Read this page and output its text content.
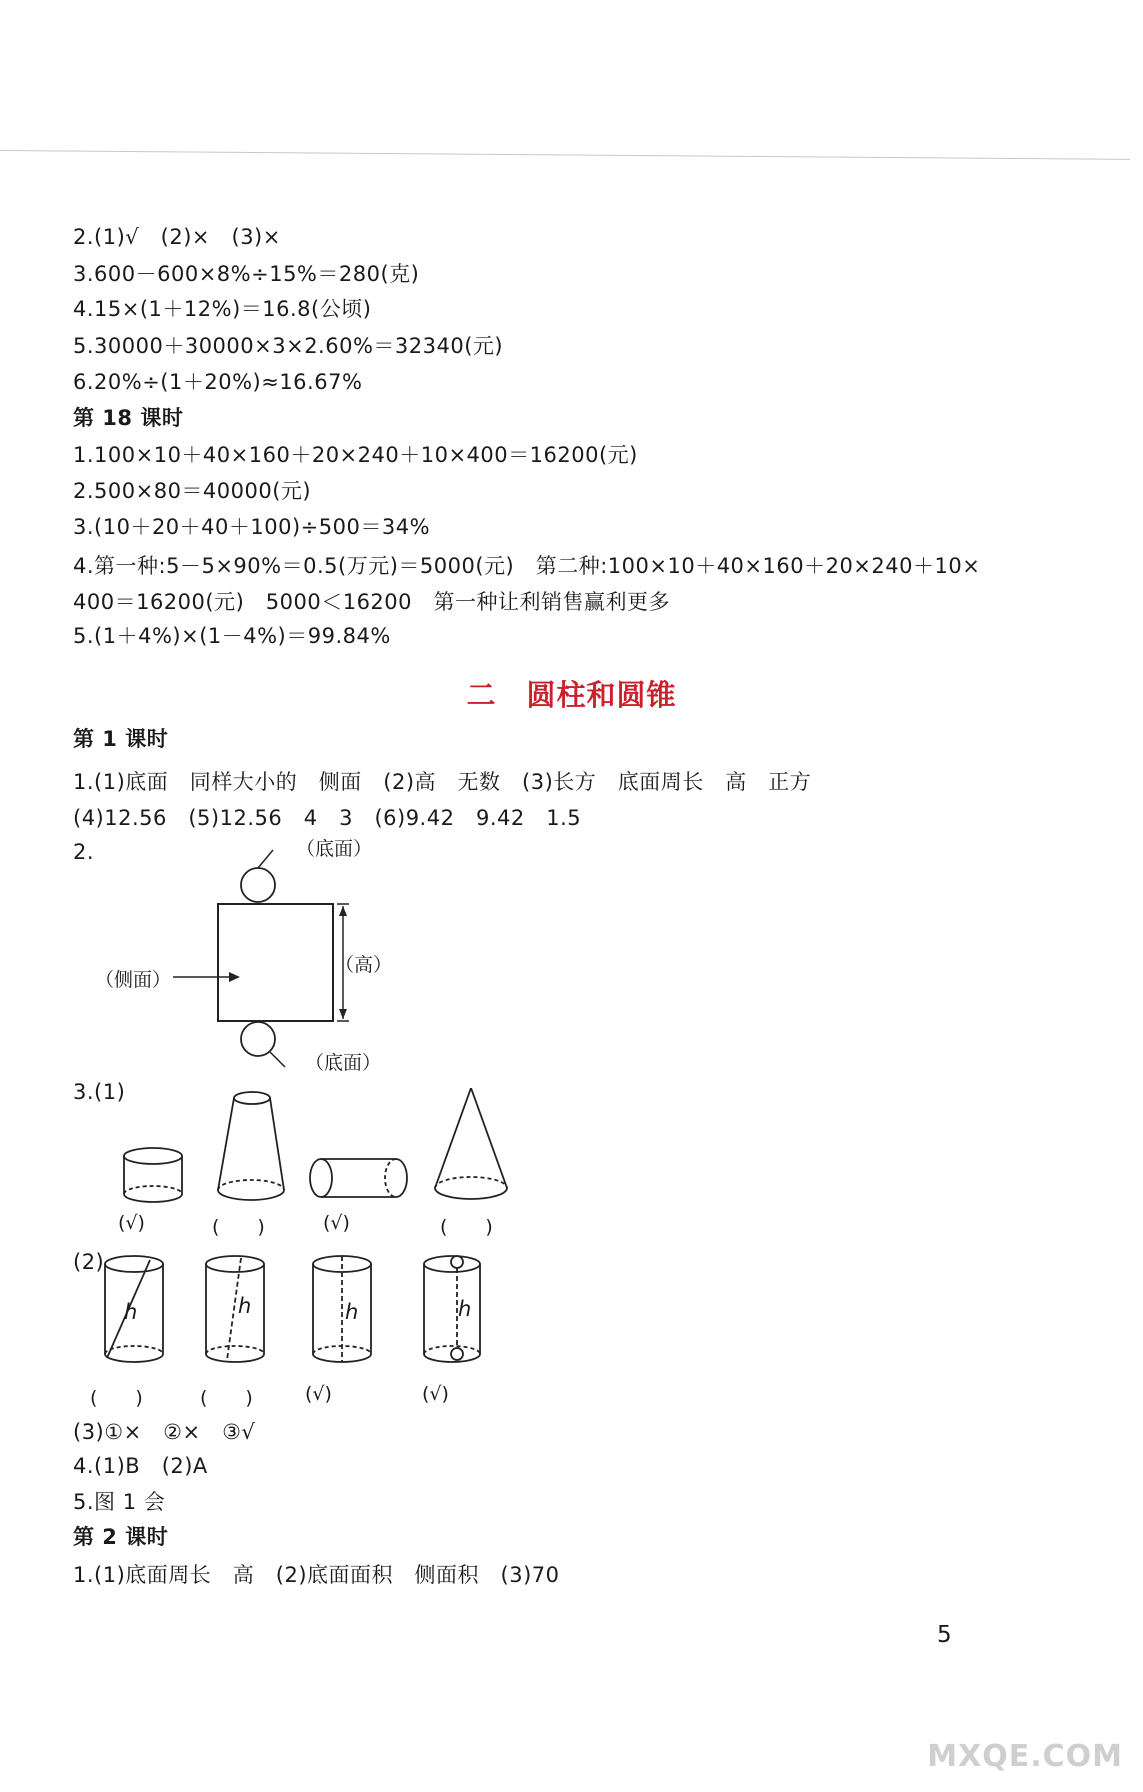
2.(1)√　(2)×　(3)×
3.600－600×8%÷15%＝280(克)
4.15×(1＋12%)＝16.8(公顷)
5.30000＋30000×3×2.60%＝32340(元)
6.20%÷(1＋20%)≈16.67%
第 18 课时
1.100×10＋40×160＋20×240＋10×400＝16200(元)
2.500×80＝40000(元)
3.(10＋20＋40＋100)÷500＝34%
4.第一种:5－5×90%＝0.5(万元)＝5000(元)　第二种:100×10＋40×160＋20×240＋10×
400＝16200(元)　5000＜16200　第一种让利销售赢利更多
5.(1＋4%)×(1－4%)＝99.84%
二　圆柱和圆锥
第 1 课时
1.(1)底面　同样大小的　侧面　(2)高　无数　(3)长方　底面周长　高　正方
(4)12.56　(5)12.56　4　3　(6)9.42　9.42　1.5
2.	（底面）
（侧面）
（高）
（底面）
3.(1)
(√)	(　　)	(√)	(　　)
(2)
h	h	h	h
(　　)	(　　)	(√)	(√)
(3)①×　②×　③√
4.(1)B　(2)A
5.图 1 会
第 2 课时
1.(1)底面周长　高　(2)底面面积　侧面积　(3)70
5
MXQE.COM
